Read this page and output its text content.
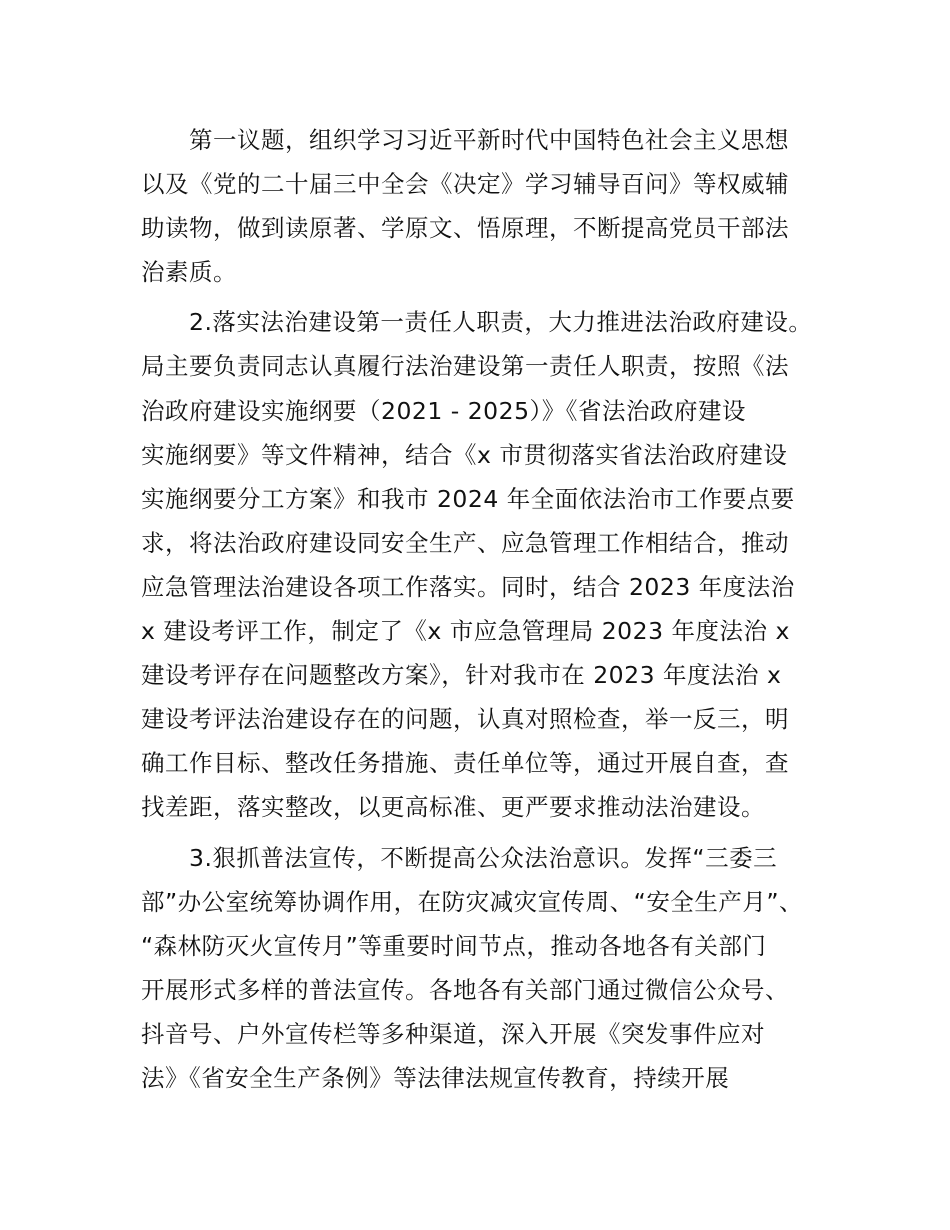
第一议题，组织学习习近平新时代中国特色社会主义思想
以及《党的二十届三中全会《决定》学习辅导百问》等权威辅
助读物，做到读原著、学原文、悟原理，不断提高党员干部法
治素质。
2.落实法治建设第一责任人职责，大力推进法治政府建设。
局主要负责同志认真履行法治建设第一责任人职责，按照《法
治政府建设实施纲要（2021 - 2025）》《省法治政府建设
实施纲要》等文件精神，结合《x 市贯彻落实省法治政府建设
实施纲要分工方案》和我市 2024 年全面依法治市工作要点要
求，将法治政府建设同安全生产、应急管理工作相结合，推动
应急管理法治建设各项工作落实。同时，结合 2023 年度法治
x 建设考评工作，制定了《x 市应急管理局 2023 年度法治 x
建设考评存在问题整改方案》，针对我市在 2023 年度法治 x
建设考评法治建设存在的问题，认真对照检查，举一反三，明
确工作目标、整改任务措施、责任单位等，通过开展自查，查
找差距，落实整改，以更高标准、更严要求推动法治建设。
3.狠抓普法宣传，不断提高公众法治意识。发挥“三委三
部”办公室统筹协调作用，在防灾减灾宣传周、“安全生产月”、
“森林防灭火宣传月”等重要时间节点，推动各地各有关部门
开展形式多样的普法宣传。各地各有关部门通过微信公众号、
抖音号、户外宣传栏等多种渠道，深入开展《突发事件应对
法》《省安全生产条例》等法律法规宣传教育，持续开展
